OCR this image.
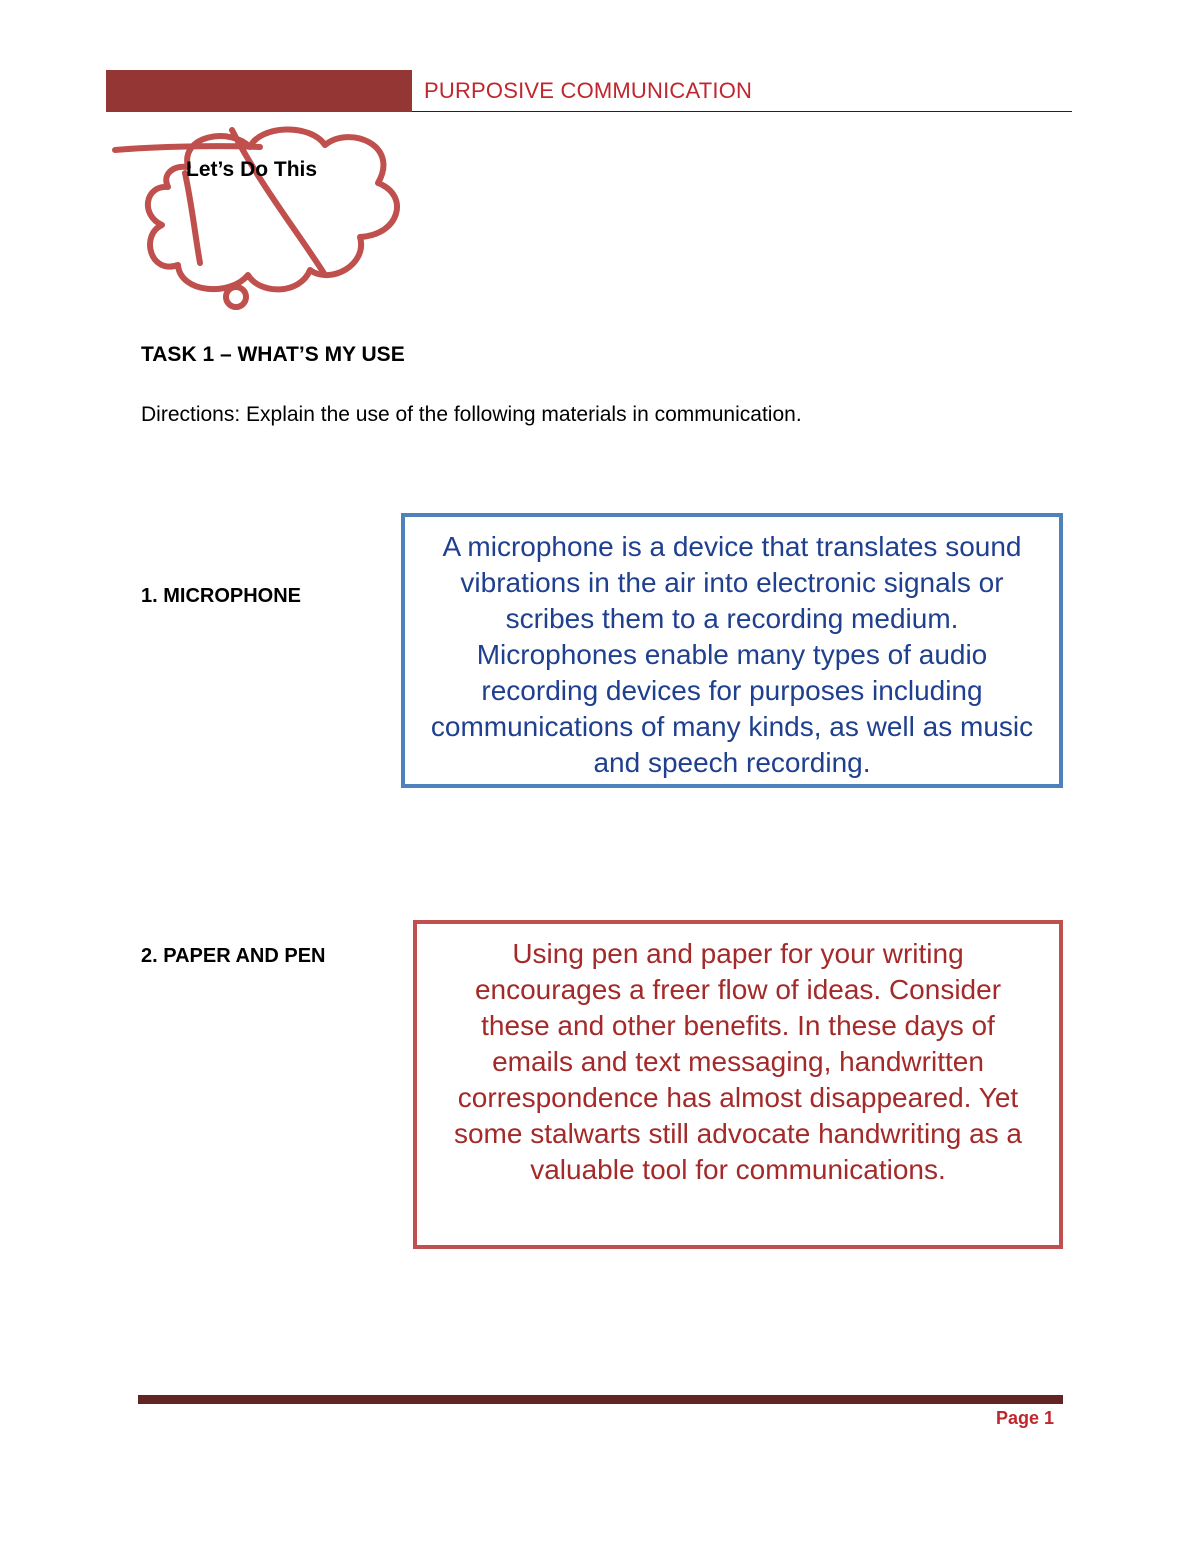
PURPOSIVE COMMUNICATION
Let’s Do This
TASK 1 – WHAT’S MY USE
Directions: Explain the use of the following materials in communication.
1. MICROPHONE
A microphone is a device that translates sound vibrations in the air into electronic signals or scribes them to a recording medium. Microphones enable many types of audio recording devices for purposes including communications of many kinds, as well as music and speech recording.
2. PAPER AND PEN	Using pen and paper for your writing encourages a freer flow of ideas. Consider these and other benefits. In these days of emails and text messaging, handwritten correspondence has almost disappeared. Yet some stalwarts still advocate handwriting as a valuable tool for communications.
Page 1
